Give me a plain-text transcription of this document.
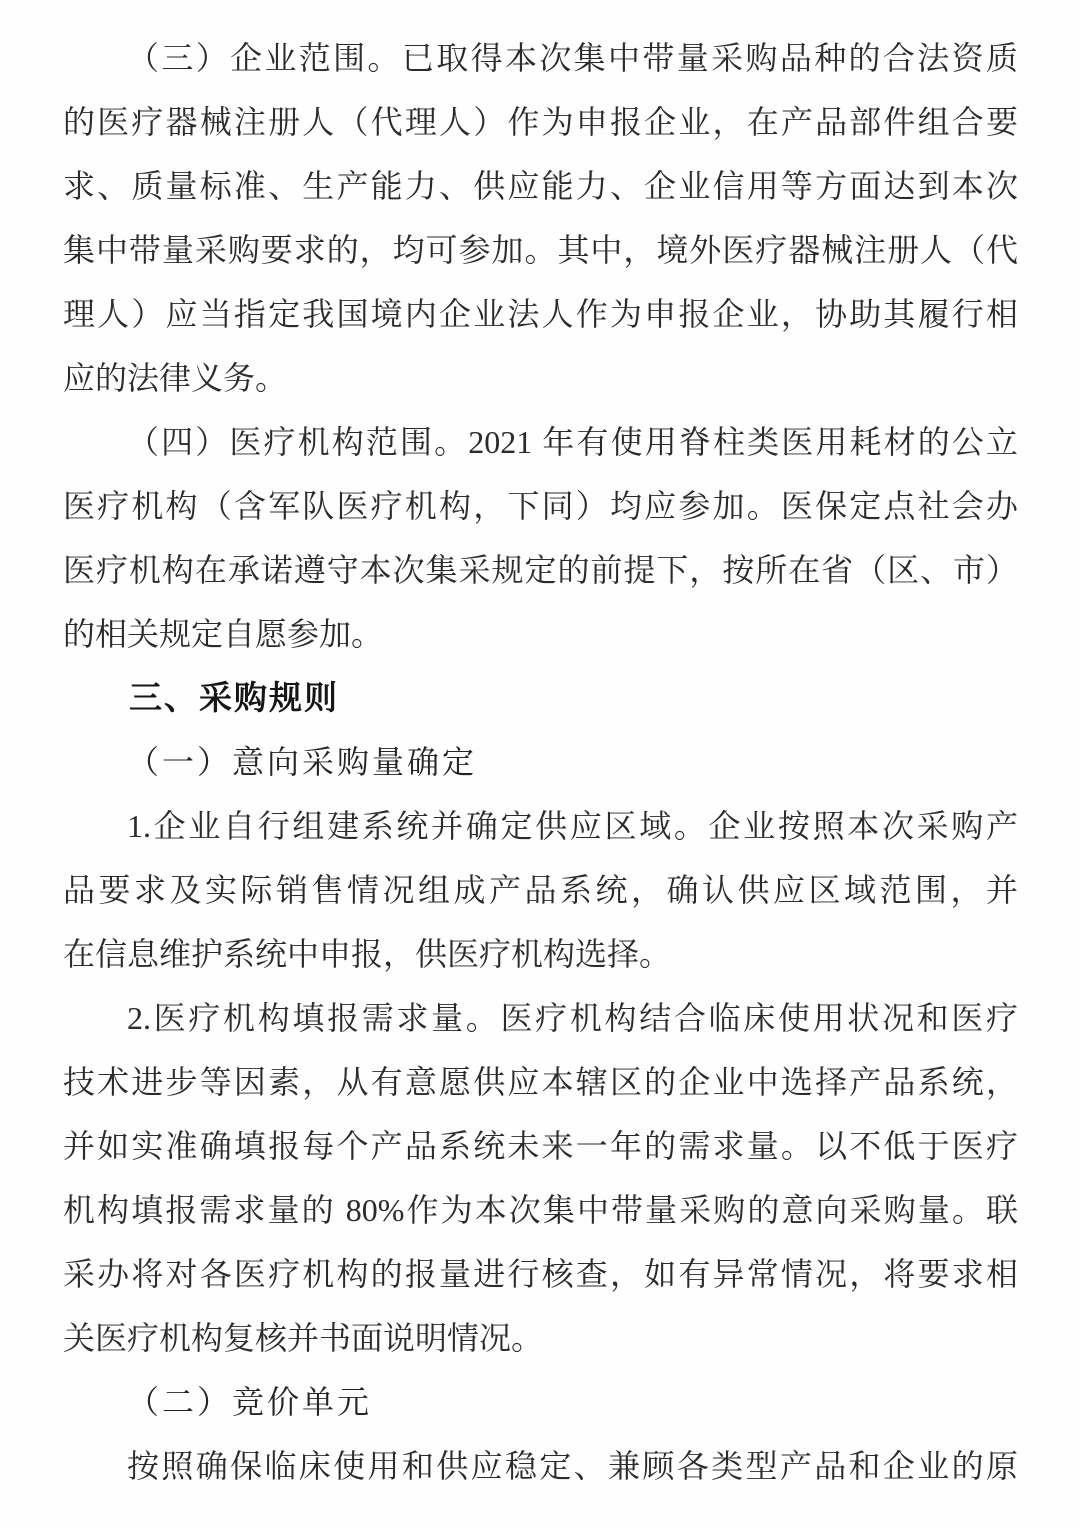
（三）企业范围。已取得本次集中带量采购品种的合法资质
的医疗器械注册人（代理人）作为申报企业，在产品部件组合要
求、质量标准、生产能力、供应能力、企业信用等方面达到本次
集中带量采购要求的，均可参加。其中，境外医疗器械注册人（代
理人）应当指定我国境内企业法人作为申报企业，协助其履行相
应的法律义务。
（四）医疗机构范围。2021 年有使用脊柱类医用耗材的公立
医疗机构（含军队医疗机构，下同）均应参加。医保定点社会办
医疗机构在承诺遵守本次集采规定的前提下，按所在省（区、市）
的相关规定自愿参加。
三、采购规则
（一）意向采购量确定
1.企业自行组建系统并确定供应区域。企业按照本次采购产
品要求及实际销售情况组成产品系统，确认供应区域范围，并
在信息维护系统中申报，供医疗机构选择。
2.医疗机构填报需求量。医疗机构结合临床使用状况和医疗
技术进步等因素，从有意愿供应本辖区的企业中选择产品系统，
并如实准确填报每个产品系统未来一年的需求量。以不低于医疗
机构填报需求量的 80%作为本次集中带量采购的意向采购量。联
采办将对各医疗机构的报量进行核查，如有异常情况，将要求相
关医疗机构复核并书面说明情况。
（二）竞价单元
按照确保临床使用和供应稳定、兼顾各类型产品和企业的原
